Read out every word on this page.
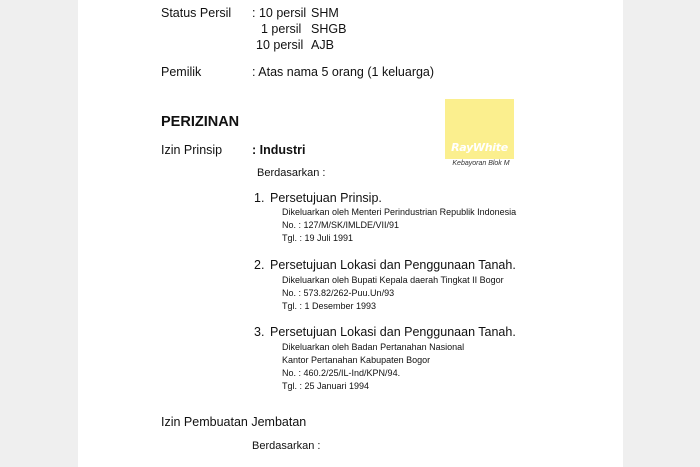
Status Persil : 10 persil SHM
1 persil SHGB
10 persil AJB
Pemilik	: Atas nama 5 orang (1 keluarga)
PERIZINAN
RayWhite
Kebayoran Blok M
Izin Prinsip : Industri
Berdasarkan :
1. Persetujuan Prinsip.
Dikeluarkan oleh Menteri Perindustrian Republik Indonesia
No. : 127/M/SK/IMLDE/VII/91
Tgl. : 19 Juli 1991
2. Persetujuan Lokasi dan Penggunaan Tanah.
Dikeluarkan oleh Bupati Kepala daerah Tingkat II Bogor
No. : 573.82/262-Puu.Un/93
Tgl. : 1 Desember 1993
3. Persetujuan Lokasi dan Penggunaan Tanah.
Dikeluarkan oleh Badan Pertanahan Nasional
Kantor Pertanahan Kabupaten Bogor
No. : 460.2/25/IL-Ind/KPN/94.
Tgl. : 25 Januari 1994
Izin Pembuatan Jembatan
Berdasarkan :
